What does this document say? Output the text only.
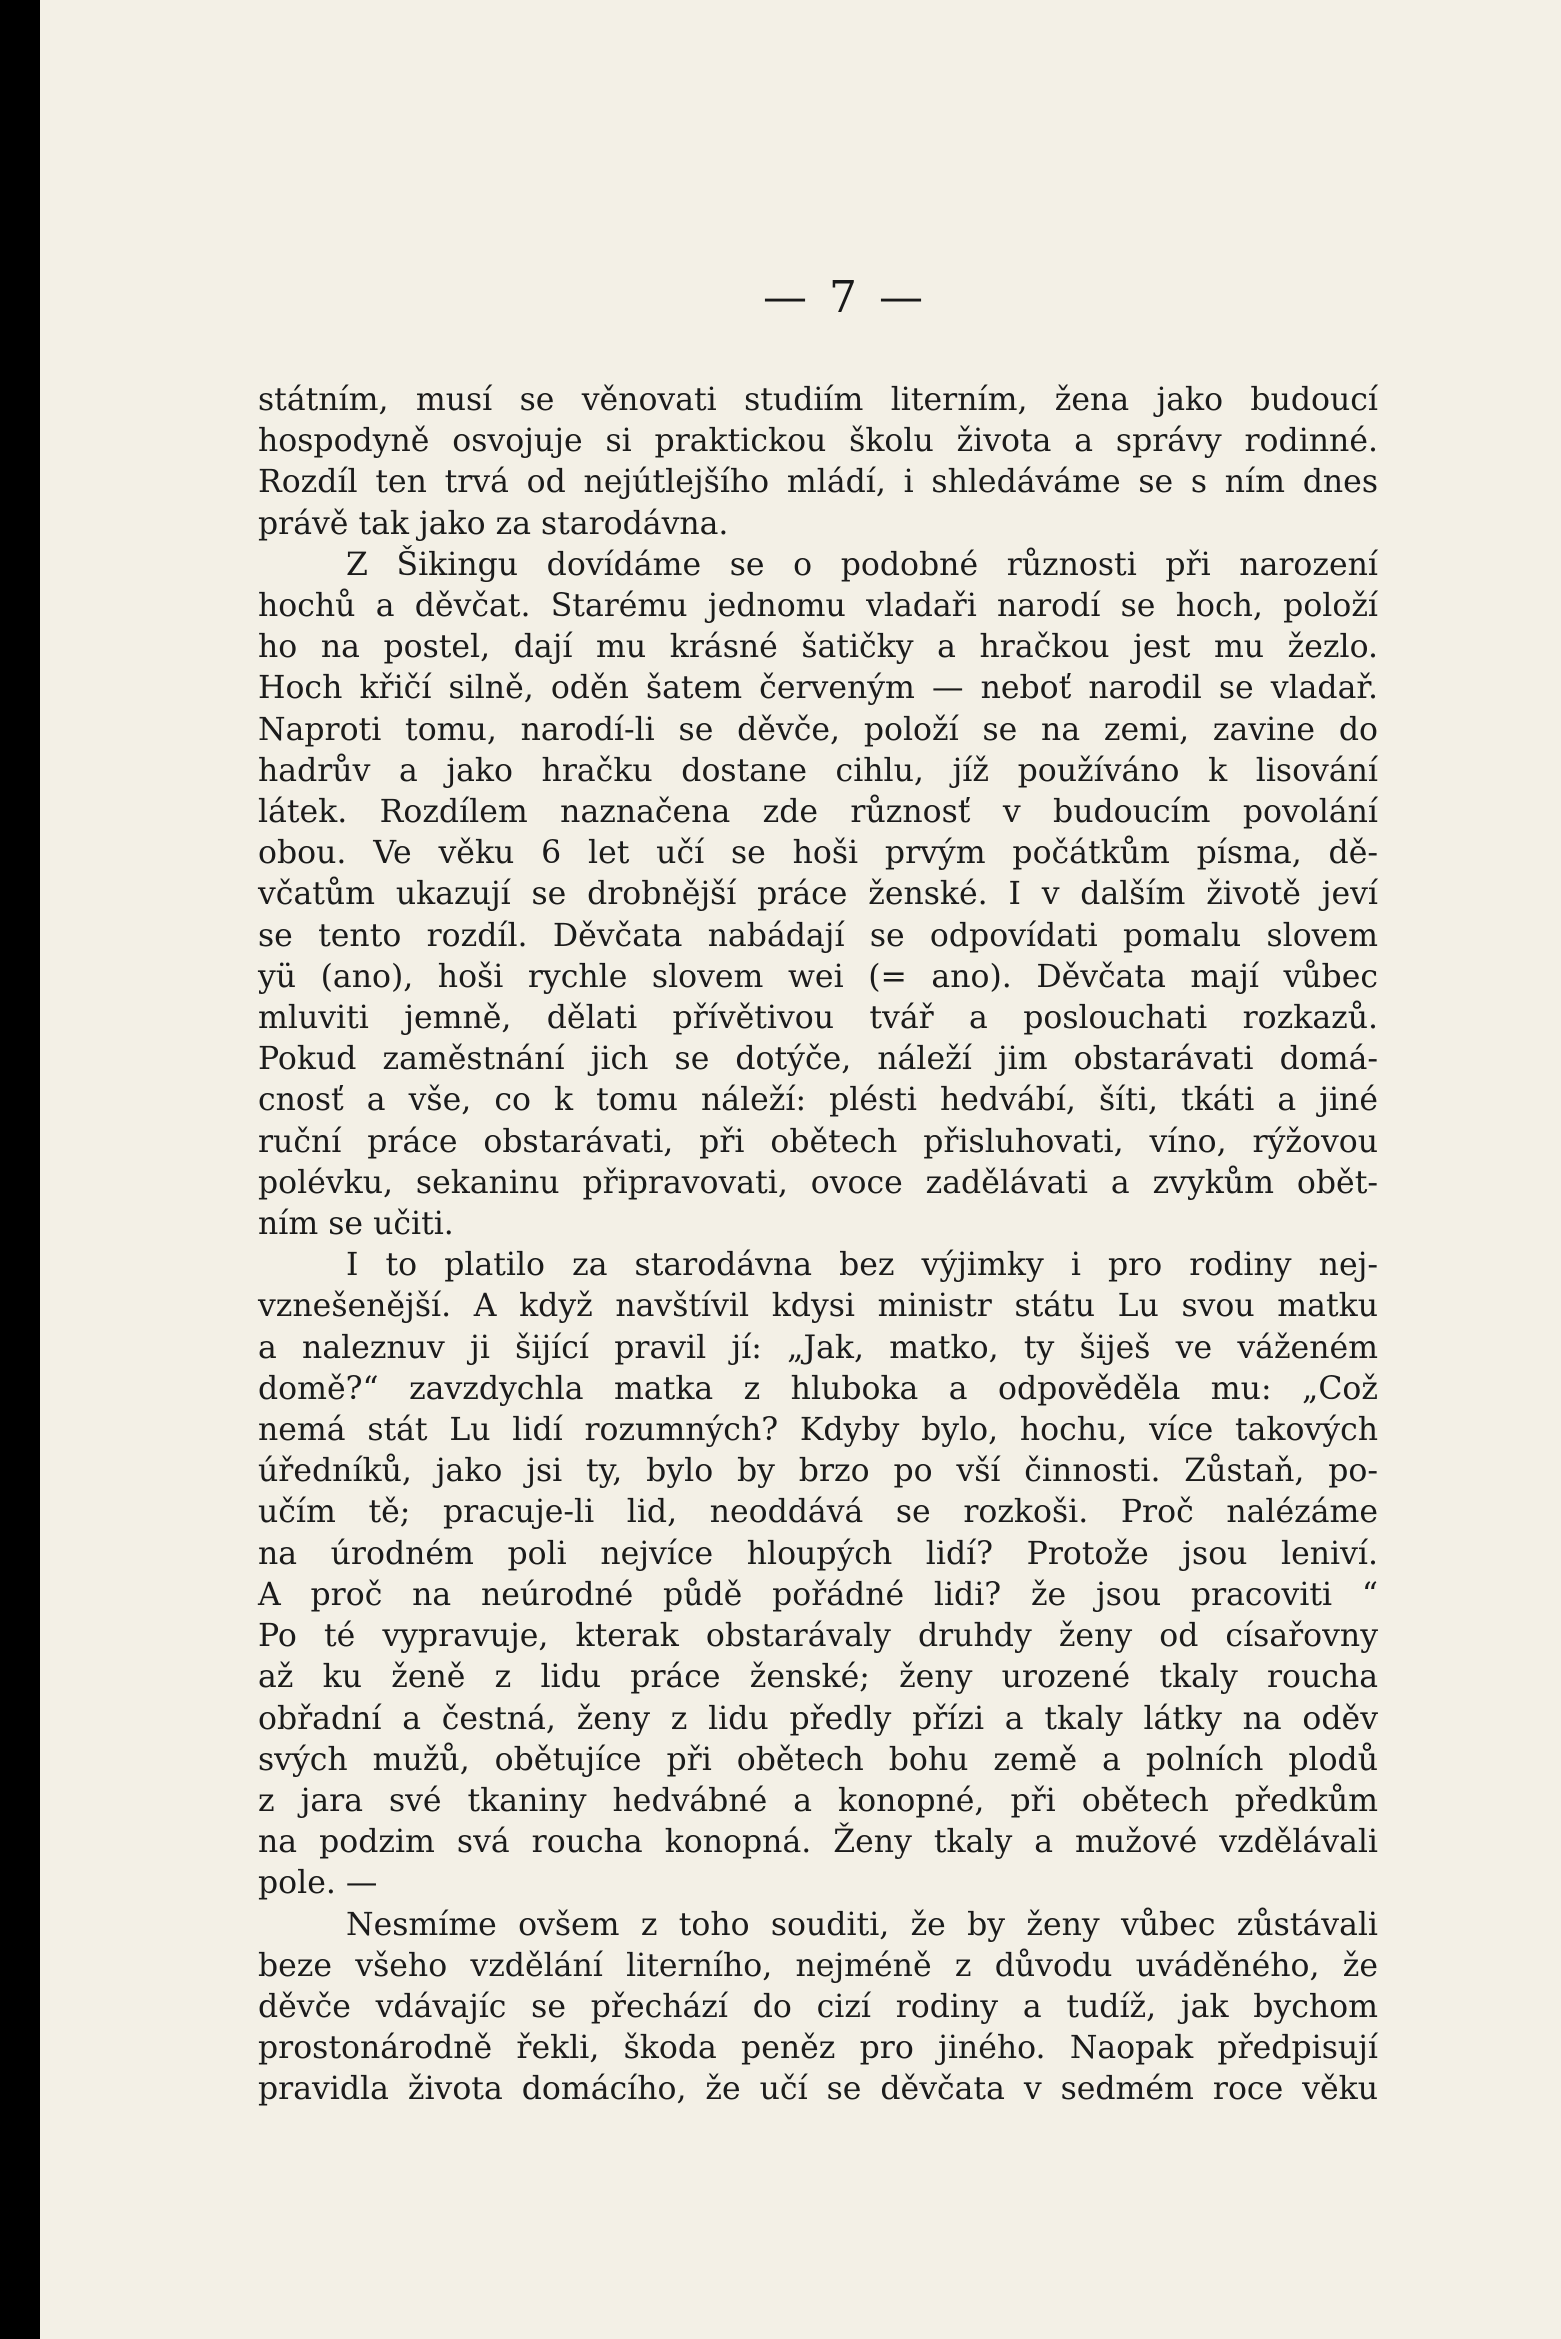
— 7 —
státním, musí se věnovati studiím literním, žena jako budoucí
hospodyně osvojuje si praktickou školu života a správy rodinné.
Rozdíl ten trvá od nejútlejšího mládí, i shledáváme se s ním dnes
právě tak jako za starodávna.
Z Šikingu dovídáme se o podobné různosti při narození
hochů a děvčat. Starému jednomu vladaři narodí se hoch, položí
ho na postel, dají mu krásné šatičky a hračkou jest mu žezlo.
Hoch křičí silně, oděn šatem červeným — neboť narodil se vladař.
Naproti tomu, narodí-li se děvče, položí se na zemi, zavine do
hadrův a jako hračku dostane cihlu, jíž používáno k lisování
látek. Rozdílem naznačena zde různosť v budoucím povolání
obou. Ve věku 6 let učí se hoši prvým počátkům písma, dě-
včatům ukazují se drobnější práce ženské. I v dalším životě jeví
se tento rozdíl. Děvčata nabádají se odpovídati pomalu slovem
yü (ano), hoši rychle slovem wei (= ano). Děvčata mají vůbec
mluviti jemně, dělati přívětivou tvář a poslouchati rozkazů.
Pokud zaměstnání jich se dotýče, náleží jim obstarávati domá-
cnosť a vše, co k tomu náleží: plésti hedvábí, šíti, tkáti a jiné
ruční práce obstarávati, při obětech přisluhovati, víno, rýžovou
polévku, sekaninu připravovati, ovoce zadělávati a zvykům obět-
ním se učiti.
I to platilo za starodávna bez výjimky i pro rodiny nej-
vznešenější. A když navštívil kdysi ministr státu Lu svou matku
a naleznuv ji šijící pravil jí: „Jak, matko, ty šiješ ve váženém
domě?“ zavzdychla matka z hluboka a odpověděla mu: „Což
nemá stát Lu lidí rozumných? Kdyby bylo, hochu, více takových
úředníků, jako jsi ty, bylo by brzo po vší činnosti. Zůstaň, po-
učím tě; pracuje-li lid, neoddává se rozkoši. Proč nalézáme
na úrodném poli nejvíce hloupých lidí? Protože jsou leniví.
A proč na neúrodné půdě pořádné lidi? že jsou pracoviti “
Po té vypravuje, kterak obstarávaly druhdy ženy od císařovny
až ku ženě z lidu práce ženské; ženy urozené tkaly roucha
obřadní a čestná, ženy z lidu předly přízi a tkaly látky na oděv
svých mužů, obětujíce při obětech bohu země a polních plodů
z jara své tkaniny hedvábné a konopné, při obětech předkům
na podzim svá roucha konopná. Ženy tkaly a mužové vzdělávali
pole. —
Nesmíme ovšem z toho souditi, že by ženy vůbec zůstávali
beze všeho vzdělání literního, nejméně z důvodu uváděného, že
děvče vdávajíc se přechází do cizí rodiny a tudíž, jak bychom
prostonárodně řekli, škoda peněz pro jiného. Naopak předpisují
pravidla života domácího, že učí se děvčata v sedmém roce věku
